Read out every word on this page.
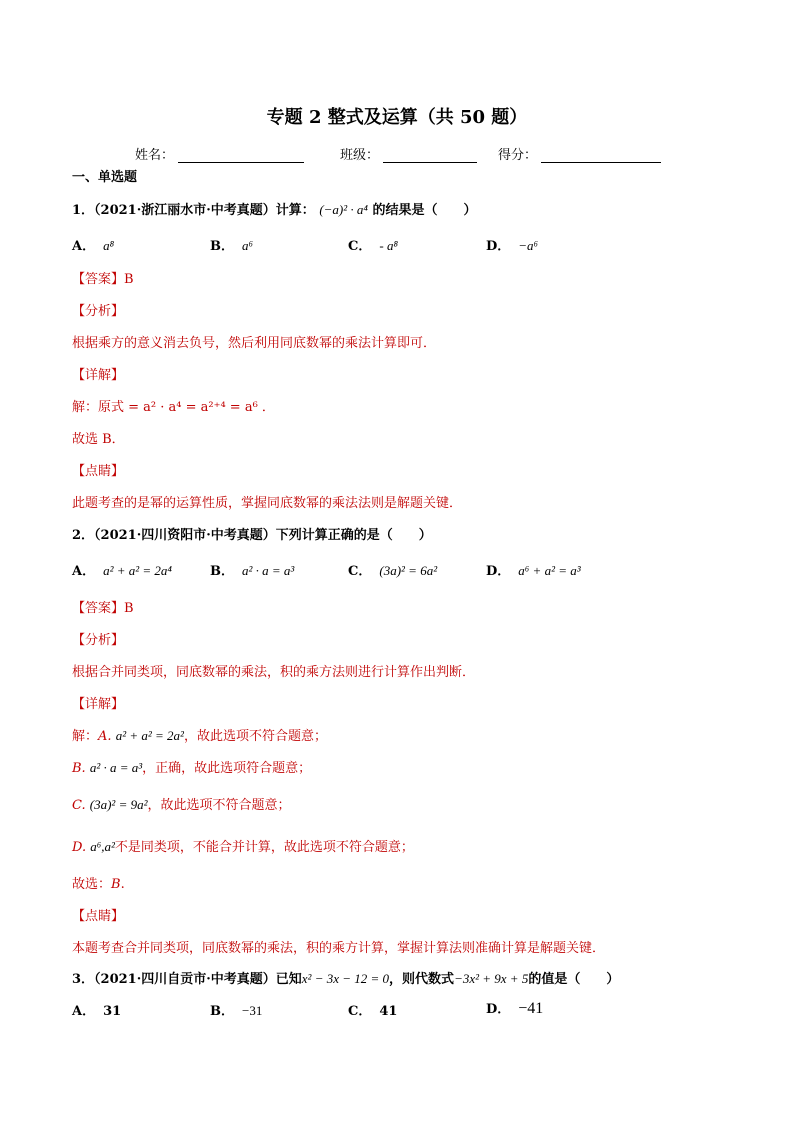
专题 2 整式及运算（共 50 题）
姓名：	班级：	得分：
一、单选题
1．（2021·浙江丽水市·中考真题）计算： (−a)² · a⁴ 的结果是（　　）
A． a⁸	B． a⁶	C． - a⁸	D． −a⁶
【答案】B
【分析】
根据乘方的意义消去负号，然后利用同底数幂的乘法计算即可．
【详解】
解：原式 = a² · a⁴ = a²⁺⁴ = a⁶ ．
故选 B．
【点睛】
此题考查的是幂的运算性质，掌握同底数幂的乘法法则是解题关键．
2．（2021·四川资阳市·中考真题）下列计算正确的是（　　）
A． a² + a² = 2a⁴	B． a² · a = a³	C． (3a)² = 6a²	D． a⁶ + a² = a³
【答案】B
【分析】
根据合并同类项，同底数幂的乘法，积的乘方法则进行计算作出判断．
【详解】
解：A. a² + a² = 2a²，故此选项不符合题意；
B. a² · a = a³，正确，故此选项符合题意；
C. (3a)² = 9a²，故此选项不符合题意；
D. a⁶,a²不是同类项，不能合并计算，故此选项不符合题意；
故选：B.
【点睛】
本题考查合并同类项，同底数幂的乘法，积的乘方计算，掌握计算法则准确计算是解题关键．
3．（2021·四川自贡市·中考真题）已知x² − 3x − 12 = 0，则代数式−3x² + 9x + 5的值是（　　）
A． 31	B． −31	C． 41	D． −41
